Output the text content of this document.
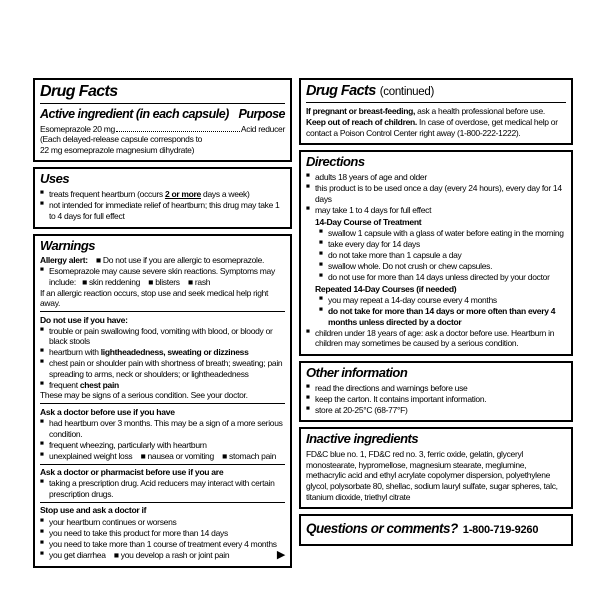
Drug Facts
Active ingredient (in each capsule) Purpose
Esomeprazole 20 mg	Acid reducer
(Each delayed-release capsule corresponds to
22 mg esomeprazole magnesium dihydrate)
Uses
■ treats frequent heartburn (occurs 2 or more days a week)
■ not intended for immediate relief of heartburn; this drug may take 1 to 4 days for full effect
Warnings
Allergy alert:    ■ Do not use if you are allergic to esomeprazole.
■ Esomeprazole may cause severe skin reactions. Symptoms may include:   ■ skin reddening    ■ blisters    ■ rash
If an allergic reaction occurs, stop use and seek medical help right away.
Do not use if you have:
■ trouble or pain swallowing food, vomiting with blood, or bloody or black stools
■ heartburn with lightheadedness, sweating or dizziness
■ chest pain or shoulder pain with shortness of breath; sweating; pain spreading to arms, neck or shoulders; or lightheadedness
■ frequent chest pain
These may be signs of a serious condition. See your doctor.
Ask a doctor before use if you have
■ had heartburn over 3 months. This may be a sign of a more serious condition.
■ frequent wheezing, particularly with heartburn
■ unexplained weight loss    ■ nausea or vomiting    ■ stomach pain
Ask a doctor or pharmacist before use if you are
■ taking a prescription drug. Acid reducers may interact with certain prescription drugs.
Stop use and ask a doctor if
■ your heartburn continues or worsens
■ you need to take this product for more than 14 days
■ you need to take more than 1 course of treatment every 4 months
■ you get diarrhea    ■ you develop a rash or joint pain	▶
Drug Facts (continued)
If pregnant or breast-feeding, ask a health professional before use.
Keep out of reach of children. In case of overdose, get medical help or contact a Poison Control Center right away (1-800-222-1222).
Directions
■ adults 18 years of age and older
■ this product is to be used once a day (every 24 hours), every day for 14 days
■ may take 1 to 4 days for full effect
14-Day Course of Treatment
■ swallow 1 capsule with a glass of water before eating in the morning
■ take every day for 14 days
■ do not take more than 1 capsule a day
■ swallow whole. Do not crush or chew capsules.
■ do not use for more than 14 days unless directed by your doctor
Repeated 14-Day Courses (if needed)
■ you may repeat a 14-day course every 4 months
■ do not take for more than 14 days or more often than every 4 months unless directed by a doctor
■ children under 18 years of age: ask a doctor before use. Heartburn in children may sometimes be caused by a serious condition.
Other information
■ read the directions and warnings before use
■ keep the carton. It contains important information.
■ store at 20-25°C (68-77°F)
Inactive ingredients
FD&C blue no. 1, FD&C red no. 3, ferric oxide, gelatin, glyceryl monostearate, hypromellose, magnesium stearate, meglumine, methacrylic acid and ethyl acrylate copolymer dispersion, polyethylene glycol, polysorbate 80, shellac, sodium lauryl sulfate, sugar spheres, talc, titanium dioxide, triethyl citrate
Questions or comments? 1-800-719-9260
